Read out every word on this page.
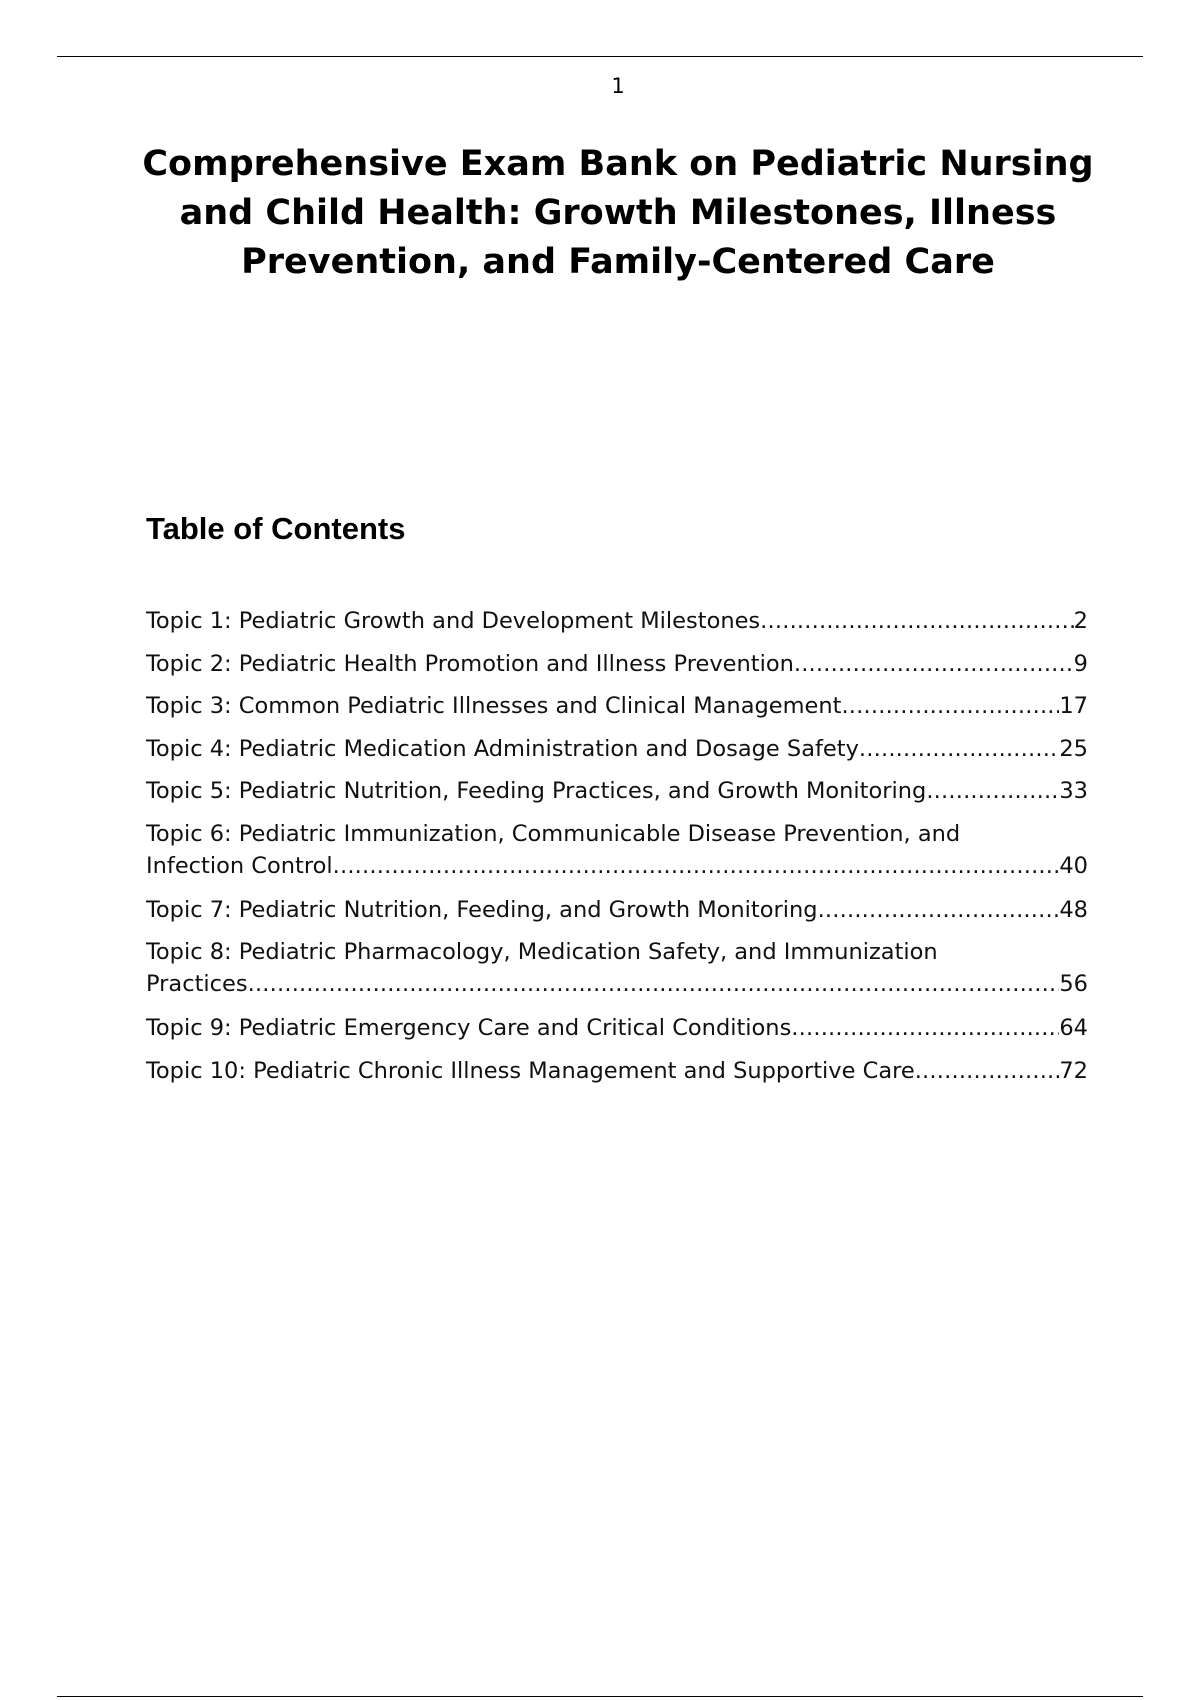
1
Comprehensive Exam Bank on Pediatric Nursing and Child Health: Growth Milestones, Illness Prevention, and Family-Centered Care
Table of Contents
Topic 1: Pediatric Growth and Development Milestones .....	2
Topic 2: Pediatric Health Promotion and Illness Prevention .....	9
Topic 3: Common Pediatric Illnesses and Clinical Management .....	17
Topic 4: Pediatric Medication Administration and Dosage Safety .....	25
Topic 5: Pediatric Nutrition, Feeding Practices, and Growth Monitoring .....	33
Topic 6: Pediatric Immunization, Communicable Disease Prevention, and
Infection Control .....	40
Topic 7: Pediatric Nutrition, Feeding, and Growth Monitoring .....	48
Topic 8: Pediatric Pharmacology, Medication Safety, and Immunization
Practices .....	56
Topic 9: Pediatric Emergency Care and Critical Conditions .....	64
Topic 10: Pediatric Chronic Illness Management and Supportive Care .....	72
